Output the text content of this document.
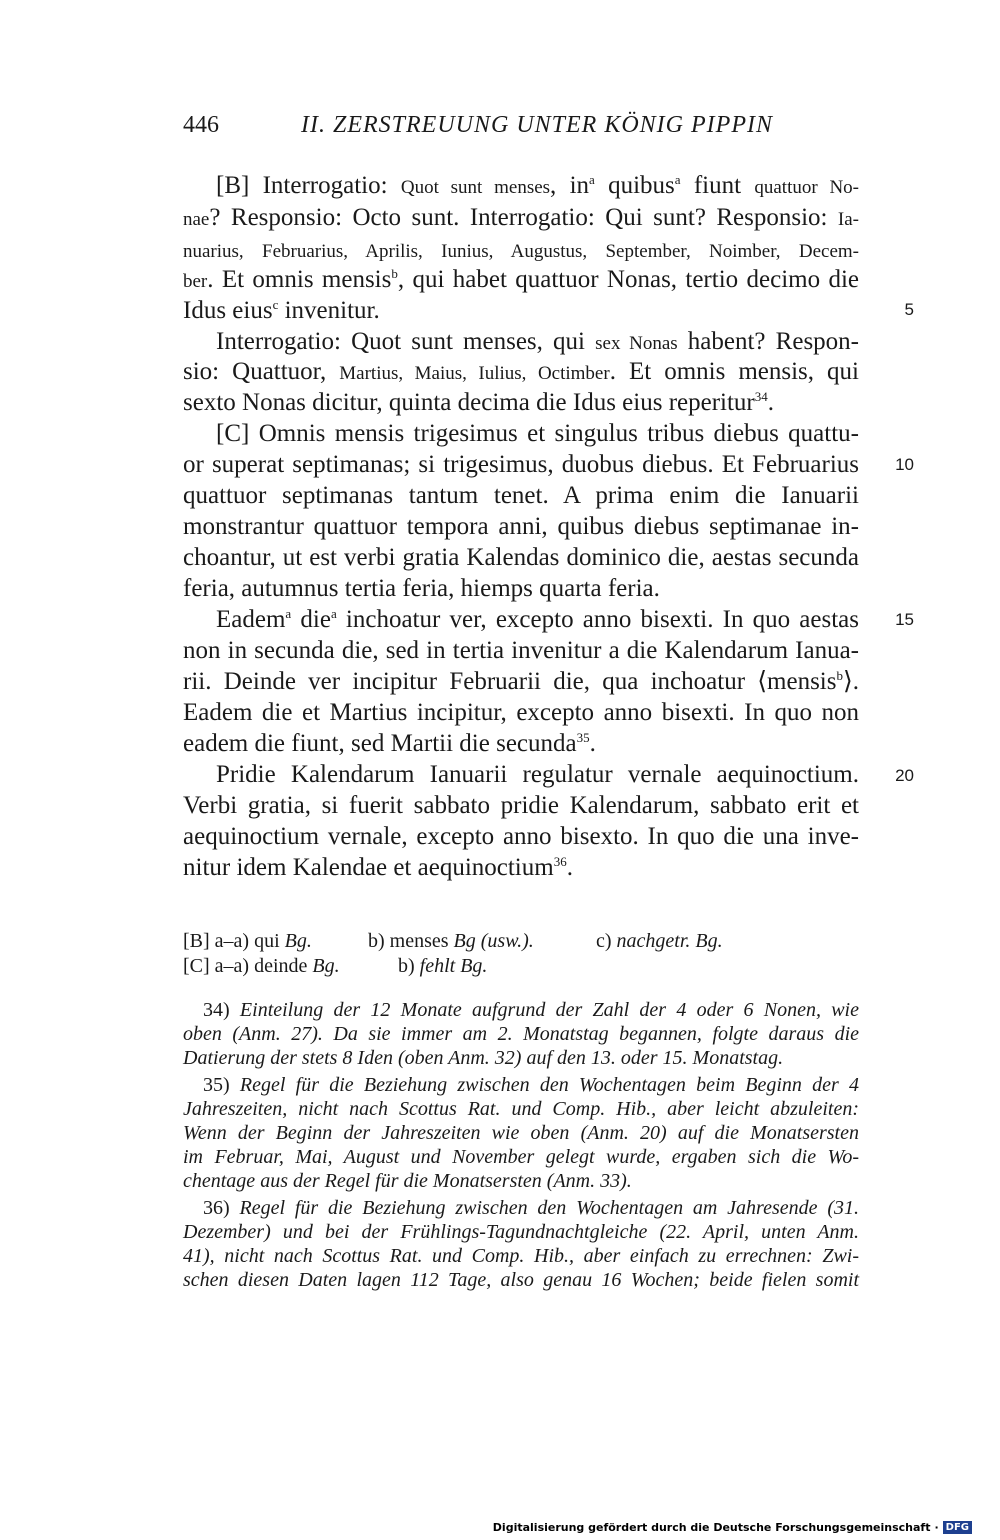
446	II. ZERSTREUUNG UNTER KÖNIG PIPPIN
[B] Interrogatio: Quot sunt menses, $in^a$ quibus$^a$ fiunt quattuor No-
nae? Responsio: Octo sunt. Interrogatio: Qui sunt? Responsio: Ia-
nuarius, Februarius, Aprilis, Iunius, Augustus, September, Noimber, Decem-
ber. Et omnis mensis$^b$, qui habet quattuor Nonas, tertio decimo die
Idus eius$^c$ invenitur.
Interrogatio: Quot sunt menses, qui sex Nonas habent? Respon-
sio: Quattuor, Martius, Maius, Iulius, Octimber. Et omnis mensis, qui
sexto Nonas dicitur, quinta decima die Idus eius reperitur$^{34}$.
[C] Omnis mensis trigesimus et singulus tribus diebus quattu-
or superat septimanas; si trigesimus, duobus diebus. Et Februarius
quattuor septimanas tantum tenet. A prima enim die Ianuarii
monstrantur quattuor tempora anni, quibus diebus septimanae in-
choantur, ut est verbi gratia Kalendas dominico die, aestas secunda
feria, autumnus tertia feria, hiemps quarta feria.
Eadem$^a$ die$^a$ inchoatur ver, excepto anno bisexti. In quo aestas
non in secunda die, sed in tertia invenitur a die Kalendarum Ianua-
rii. Deinde ver incipitur Februarii die, qua inchoatur ⟨mensis$^b$⟩.
Eadem die et Martius incipitur, excepto anno bisexti. In quo non
eadem die fiunt, sed Martii die secunda$^{35}$.
Pridie Kalendarum Ianuarii regulatur vernale aequinoctium.
Verbi gratia, si fuerit sabbato pridie Kalendarum, sabbato erit et
aequinoctium vernale, excepto anno bisexto. In quo die una inve-
nitur idem Kalendae et aequinoctium$^{36}$.
5
10
15
20
[B] a–a) qui Bg.	b) menses Bg (usw.).	c) nachgetr. Bg.
[C] a–a) deinde Bg.	b) fehlt Bg.
34) Einteilung der 12 Monate aufgrund der Zahl der 4 oder 6 Nonen, wie
oben (Anm. 27). Da sie immer am 2. Monatstag begannen, folgte daraus die
Datierung der stets 8 Iden (oben Anm. 32) auf den 13. oder 15. Monatstag.
35) Regel für die Beziehung zwischen den Wochentagen beim Beginn der 4
Jahreszeiten, nicht nach Scottus Rat. und Comp. Hib., aber leicht abzuleiten:
Wenn der Beginn der Jahreszeiten wie oben (Anm. 20) auf die Monatsersten
im Februar, Mai, August und November gelegt wurde, ergaben sich die Wo-
chentage aus der Regel für die Monatsersten (Anm. 33).
36) Regel für die Beziehung zwischen den Wochentagen am Jahresende (31.
Dezember) und bei der Frühlings-Tagundnachtgleiche (22. April, unten Anm.
41), nicht nach Scottus Rat. und Comp. Hib., aber einfach zu errechnen: Zwi-
schen diesen Daten lagen 112 Tage, also genau 16 Wochen; beide fielen somit
Digitalisierung gefördert durch die Deutsche Forschungsgemeinschaft · DFG
